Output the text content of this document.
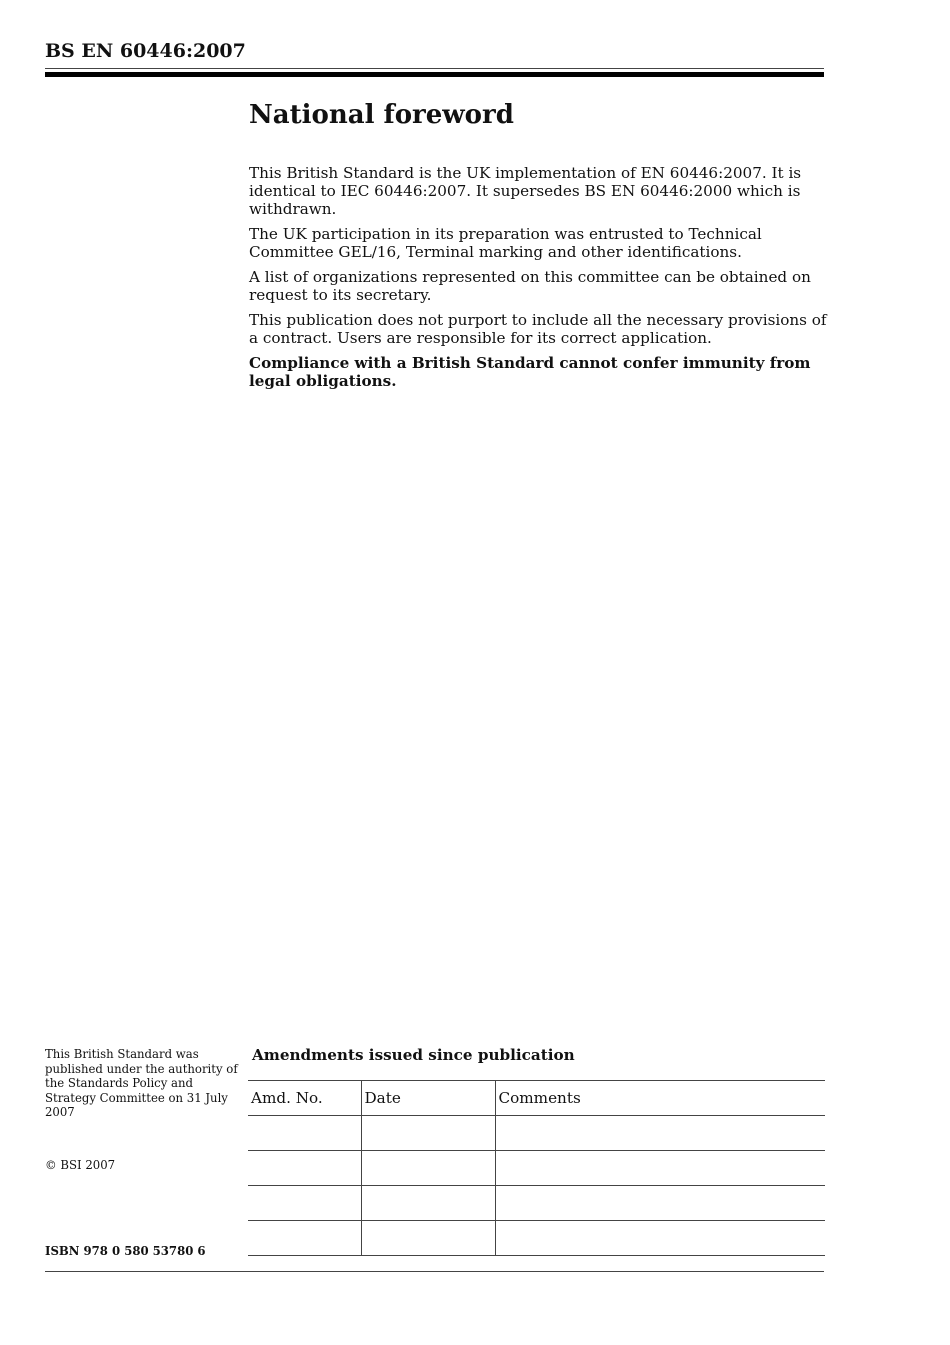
BS EN 60446:2007
National foreword

This British Standard is the UK implementation of EN 60446:2007. It is identical to IEC 60446:2007. It supersedes BS EN 60446:2000 which is withdrawn.

The UK participation in its preparation was entrusted to Technical Committee GEL/16, Terminal marking and other identifications.

A list of organizations represented on this committee can be obtained on request to its secretary.

This publication does not purport to include all the necessary provisions of a contract. Users are responsible for its correct application.

Compliance with a British Standard cannot confer immunity from legal obligations.

This British Standard was published under the authority of the Standards Policy and Strategy Committee on 31 July 2007
© BSI 2007
ISBN 978 0 580 53780 6
Amendments issued since publication
Amd. No.	Date	Comments
